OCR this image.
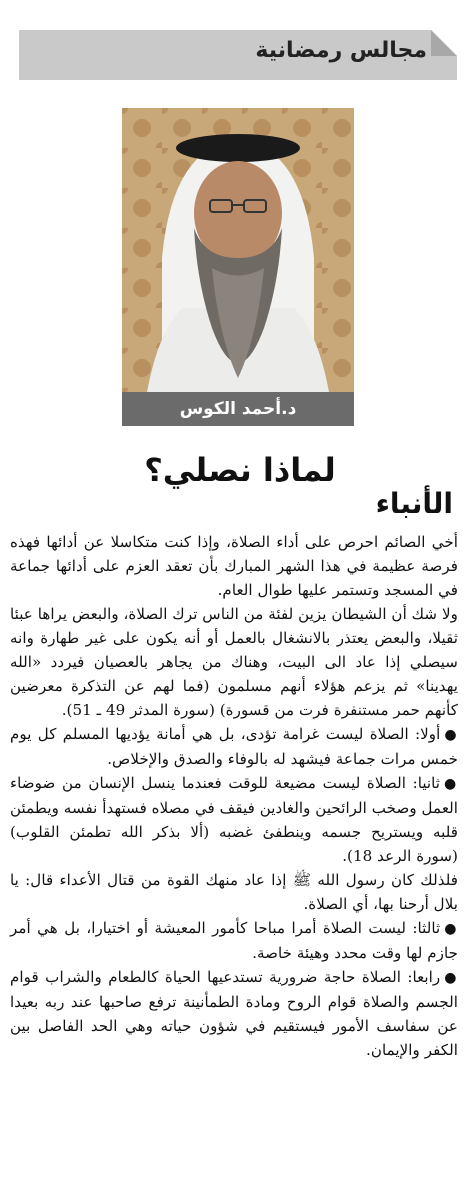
مجالس رمضانية
د.أحمد الكوس
لماذا نصلي؟
الأنباء

أخي الصائم احرص على أداء الصلاة، وإذا كنت متكاسلا عن أدائها فهذه فرصة عظيمة في هذا الشهر المبارك بأن تعقد العزم على أدائها جماعة في المسجد وتستمر عليها طوال العام.

ولا شك أن الشيطان يزين لفئة من الناس ترك الصلاة، والبعض يراها عبئا ثقيلا، والبعض يعتذر بالانشغال بالعمل أو أنه يكون على غير طهارة وانه سيصلي إذا عاد الى البيت، وهناك من يجاهر بالعصيان فيردد «الله يهدينا» ثم يزعم هؤلاء أنهم مسلمون (فما لهم عن التذكرة معرضين كأنهم حمر مستنفرة فرت من قسورة) (سورة المدثر 49 ـ 51).

●أولا: الصلاة ليست غرامة تؤدى، بل هي أمانة يؤديها المسلم كل يوم خمس مرات جماعة فيشهد له بالوفاء والصدق والإخلاص.

●ثانيا: الصلاة ليست مضيعة للوقت فعندما ينسل الإنسان من ضوضاء العمل وصخب الرائحين والغادين فيقف في مصلاه فستهدأ نفسه ويطمئن قلبه ويستريح جسمه وينطفئ غضبه (ألا بذكر الله تطمئن القلوب) (سورة الرعد 18).

فلذلك كان رسول الله ﷺ إذا عاد منهك القوة من قتال الأعداء قال: يا بلال أرحنا بها، أي الصلاة.

●ثالثا: ليست الصلاة أمرا مباحا كأمور المعيشة أو اختيارا، بل هي أمر جازم لها وقت محدد وهيئة خاصة.

●رابعا: الصلاة حاجة ضرورية تستدعيها الحياة كالطعام والشراب قوام الجسم والصلاة قوام الروح ومادة الطمأنينة ترفع صاحبها عند ربه بعيدا عن سفاسف الأمور فيستقيم في شؤون حياته وهي الحد الفاصل بين الكفر والإيمان.
